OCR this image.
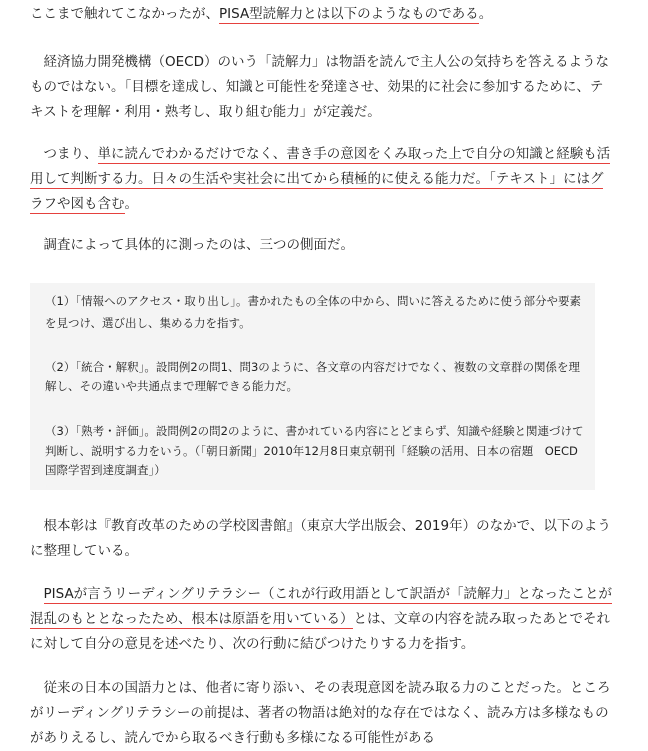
ここまで触れてこなかったが、PISA型読解力とは以下のようなものである。

　経済協力開発機構（OECD）のいう「読解力」は物語を読んで主人公の気持ちを答えるような
ものではない。「目標を達成し、知識と可能性を発達させ、効果的に社会に参加するために、テ
キストを理解・利用・熟考し、取り組む能力」が定義だ。

　つまり、単に読んでわかるだけでなく、書き手の意図をくみ取った上で自分の知識と経験も活
用して判断する力。日々の生活や実社会に出てから積極的に使える能力だ。「テキスト」にはグ
ラフや図も含む。

　調査によって具体的に測ったのは、三つの側面だ。

（1）「情報へのアクセス・取り出し」。書かれたもの全体の中から、問いに答えるために使う部分や要素
を見つけ、選び出し、集める力を指す。
（2）「統合・解釈」。設問例2の問1、問3のように、各文章の内容だけでなく、複数の文章群の関係を理
解し、その違いや共通点まで理解できる能力だ。
（3）「熟考・評価」。設問例2の問2のように、書かれている内容にとどまらず、知識や経験と関連づけて
判断し、説明する力をいう。（「朝日新聞」2010年12月8日東京朝刊「経験の活用、日本の宿題　OECD
国際学習到達度調査」）

　根本彰は『教育改革のための学校図書館』（東京大学出版会、2019年）のなかで、以下のよう
に整理している。

　PISAが言うリーディングリテラシー（これが行政用語として訳語が「読解力」となったことが
混乱のもととなったため、根本は原語を用いている）とは、文章の内容を読み取ったあとでそれ
に対して自分の意見を述べたり、次の行動に結びつけたりする力を指す。

　従来の日本の国語力とは、他者に寄り添い、その表現意図を読み取る力のことだった。ところ
がリーディングリテラシーの前提は、著者の物語は絶対的な存在ではなく、読み方は多様なもの
がありえるし、読んでから取るべき行動も多様になる可能性がある
